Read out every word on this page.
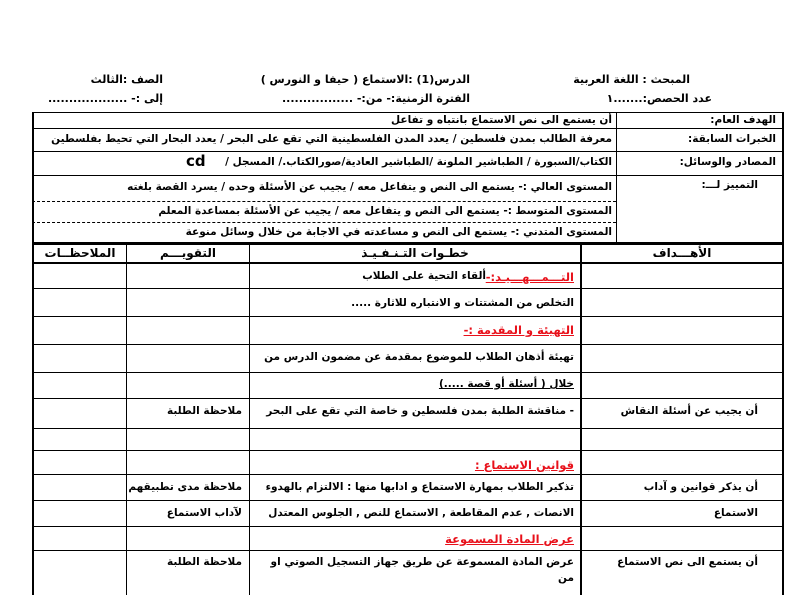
المبحث : اللغة العربية
الدرس(1) :الاستماع ( حيفا و النورس )
الصف :الثالث
عدد الحصص:.......١
الفترة الزمنية:- من:- .................
إلى :- ...................
الهدف العام:
أن يستمع الى نص الاستماع بانتباه و تفاعل
الخبرات السابقة:
معرفة الطالب بمدن فلسطين / يعدد المدن الفلسطينية التي تقع على البحر / يعدد البحار التي تحيط بفلسطين
المصادر والوسائل:
الكتاب/السبورة / الطباشير الملونة /الطباشير العادية/صورالكتاب./ المسجل /
cd
التمييز لـــ:
المستوى العالي :- يستمع الى النص و يتفاعل معه / يجيب عن الأسئلة وحده / يسرد القصة بلغته
المستوى المتوسط :- يستمع الى النص و يتفاعل معه / يجيب عن الأسئلة بمساعدة المعلم
المستوى المتدني :- يستمع الى النص و مساعدته في الاجابة من خلال وسائل منوعة
الأهـــداف
خطـوات التـنـفـيـذ
التقويـــم
الملاحظــات
التـــمـــهـــيـد:-
ألقاء التحية على الطلاب
التخلص من المشتتات و الانتباره للاثارة .....
التهيئة و المقدمة :-
تهيئة أذهان الطلاب للموضوع بمقدمة عن مضمون الدرس من
خلال ( أسئلة أو قصة .....)
أن يجيب عن أسئلة النقاش
- مناقشة الطلبة بمدن فلسطين و خاصة التي تقع على البحر
ملاحظة الطلبة
قوانين الاستماع :
أن يذكر قوانين و آداب
تذكير الطلاب بمهارة الاستماع و ادابها منها : الالتزام بالهدوء
ملاحظة مدى تطبيقهم
الاستماع
الانصات , عدم المقاطعة , الاستماع للنص , الجلوس المعتدل
لآداب الاستماع
عرض المادة المسموعة
أن يستمع الى نص الاستماع
عرض المادة المسموعة عن طريق جهاز التسجيل الصوتي او
من
ملاحظة الطلبة
